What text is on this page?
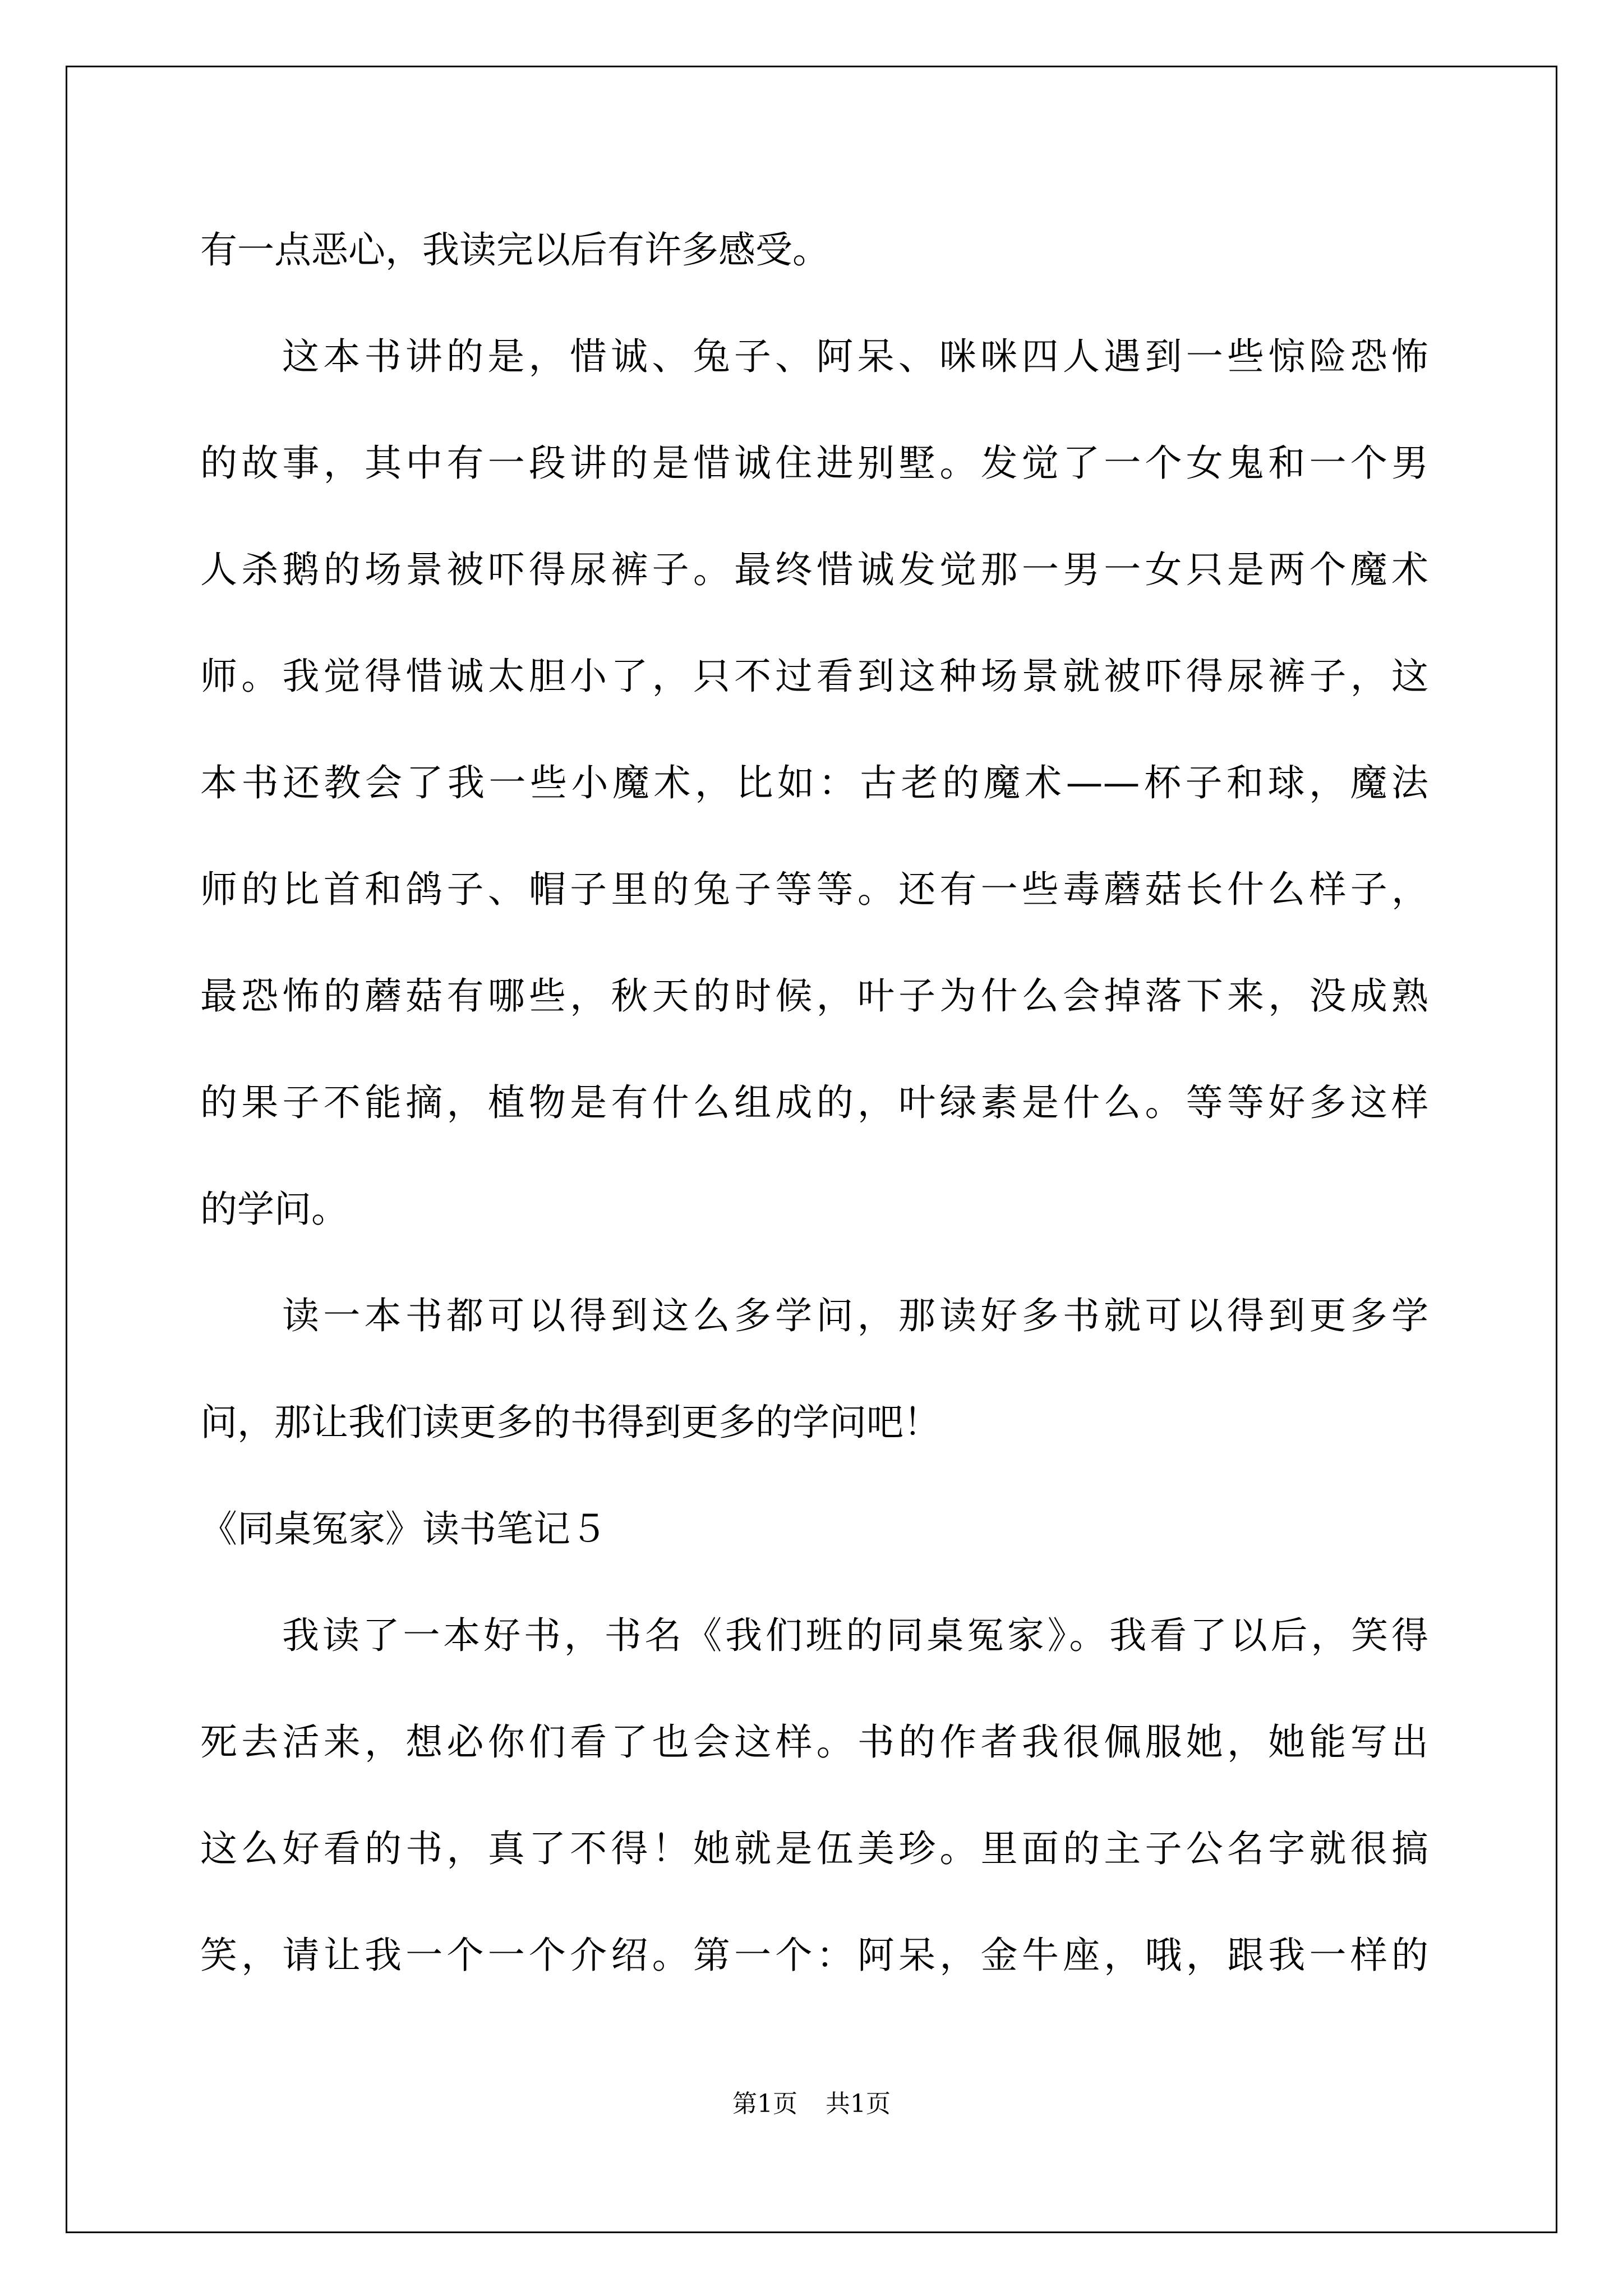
有一点恶心，我读完以后有许多感受。

这本书讲的是，惜诚、兔子、阿呆、咪咪四人遇到一些惊险恐怖

的故事，其中有一段讲的是惜诚住进别墅。发觉了一个女鬼和一个男

人杀鹅的场景被吓得尿裤子。最终惜诚发觉那一男一女只是两个魔术

师。我觉得惜诚太胆小了，只不过看到这种场景就被吓得尿裤子，这

本书还教会了我一些小魔术，比如：古老的魔术——杯子和球，魔法

师的比首和鸽子、帽子里的兔子等等。还有一些毒蘑菇长什么样子，

最恐怖的蘑菇有哪些，秋天的时候，叶子为什么会掉落下来，没成熟

的果子不能摘，植物是有什么组成的，叶绿素是什么。等等好多这样

的学问。

读一本书都可以得到这么多学问，那读好多书就可以得到更多学

问，那让我们读更多的书得到更多的学问吧！

《同桌冤家》读书笔记５

我读了一本好书，书名《我们班的同桌冤家》。我看了以后，笑得

死去活来，想必你们看了也会这样。书的作者我很佩服她，她能写出

这么好看的书，真了不得！她就是伍美珍。里面的主子公名字就很搞

笑，请让我一个一个介绍。第一个：阿呆，金牛座，哦，跟我一样的

第1页 共1页
